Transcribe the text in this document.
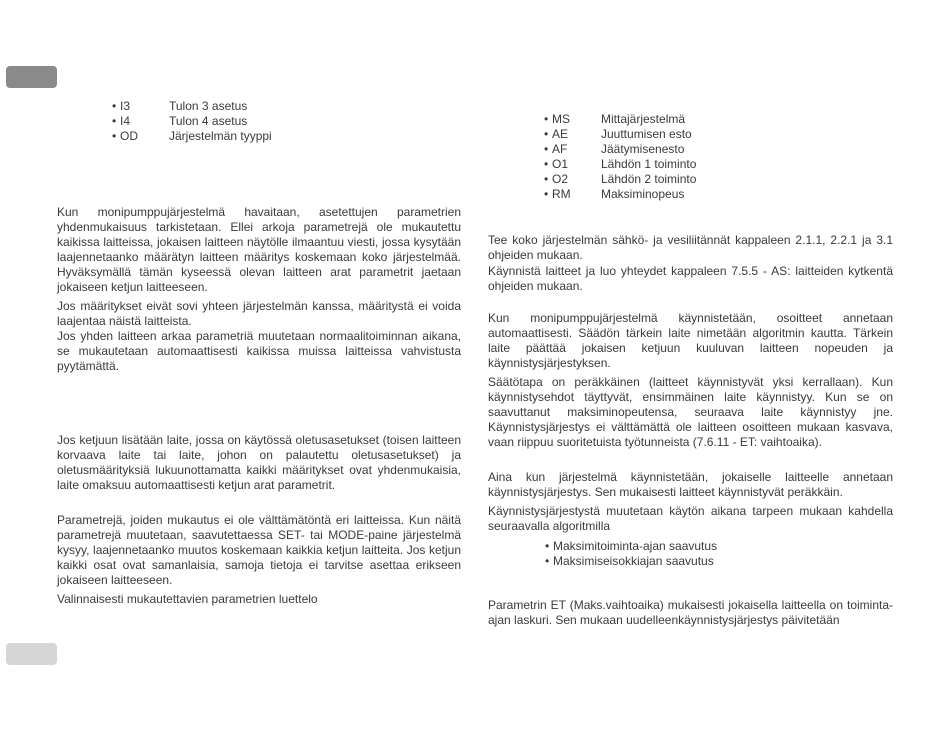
• I3	Tulon 3 asetus
• I4	Tulon 4 asetus
• OD	Järjestelmän tyyppi
• MS	Mittajärjestelmä
• AE	Juuttumisen esto
• AF	Jäätymisenesto
• O1	Lähdön 1 toiminto
• O2	Lähdön 2 toiminto
• RM	Maksiminopeus

Kun monipumppujärjestelmä havaitaan, asetettujen parametrien yhdenmukaisuus tarkistetaan. Ellei arkoja parametrejä ole mukautettu kaikissa laitteissa, jokaisen laitteen näytölle ilmaantuu viesti, jossa kysytään laajennetaanko määrätyn laitteen määritys koskemaan koko järjestelmää. Hyväksymällä tämän kyseessä olevan laitteen arat parametrit jaetaan jokaiseen ketjun laitteeseen.

Jos määritykset eivät sovi yhteen järjestelmän kanssa, määritystä ei voida laajentaa näistä laitteista.

Jos yhden laitteen arkaa parametriä muutetaan normaalitoiminnan aikana, se mukautetaan automaattisesti kaikissa muissa laitteissa vahvistusta pyytämättä.

Jos ketjuun lisätään laite, jossa on käytössä oletusasetukset (toisen laitteen korvaava laite tai laite, johon on palautettu oletusasetukset) ja oletusmäärityksiä lukuunottamatta kaikki määritykset ovat yhdenmukaisia, laite omaksuu automaattisesti ketjun arat parametrit.

Parametrejä, joiden mukautus ei ole välttämätöntä eri laitteissa. Kun näitä parametrejä muutetaan, saavutettaessa SET- tai MODE-paine järjestelmä kysyy, laajennetaanko muutos koskemaan kaikkia ketjun laitteita. Jos ketjun kaikki osat ovat samanlaisia, samoja tietoja ei tarvitse asettaa erikseen jokaiseen laitteeseen.

Valinnaisesti mukautettavien parametrien luettelo

Tee koko järjestelmän sähkö- ja vesiliitännät kappaleen 2.1.1, 2.2.1 ja 3.1 ohjeiden mukaan.

Käynnistä laitteet ja luo yhteydet kappaleen 7.5.5 - AS: laitteiden kytkentä ohjeiden mukaan.

Kun monipumppujärjestelmä käynnistetään, osoitteet annetaan automaattisesti. Säädön tärkein laite nimetään algoritmin kautta. Tärkein laite päättää jokaisen ketjuun kuuluvan laitteen nopeuden ja käynnistysjärjestyksen.

Säätötapa on peräkkäinen (laitteet käynnistyvät yksi kerrallaan). Kun käynnistysehdot täyttyvät, ensimmäinen laite käynnistyy. Kun se on saavuttanut maksiminopeutensa, seuraava laite käynnistyy jne. Käynnistysjärjestys ei välttämättä ole laitteen osoitteen mukaan kasvava, vaan riippuu suoritetuista työtunneista (7.6.11 - ET: vaihtoaika).

Aina kun järjestelmä käynnistetään, jokaiselle laitteelle annetaan käynnistysjärjestys. Sen mukaisesti laitteet käynnistyvät peräkkäin.

Käynnistysjärjestystä muutetaan käytön aikana tarpeen mukaan kahdella seuraavalla algoritmilla

• Maksimitoiminta-ajan saavutus
• Maksimiseisokkiajan saavutus

Parametrin ET (Maks.vaihtoaika) mukaisesti jokaisella laitteella on toiminta-ajan laskuri. Sen mukaan uudelleenkäynnistysjärjestys päivitetään
